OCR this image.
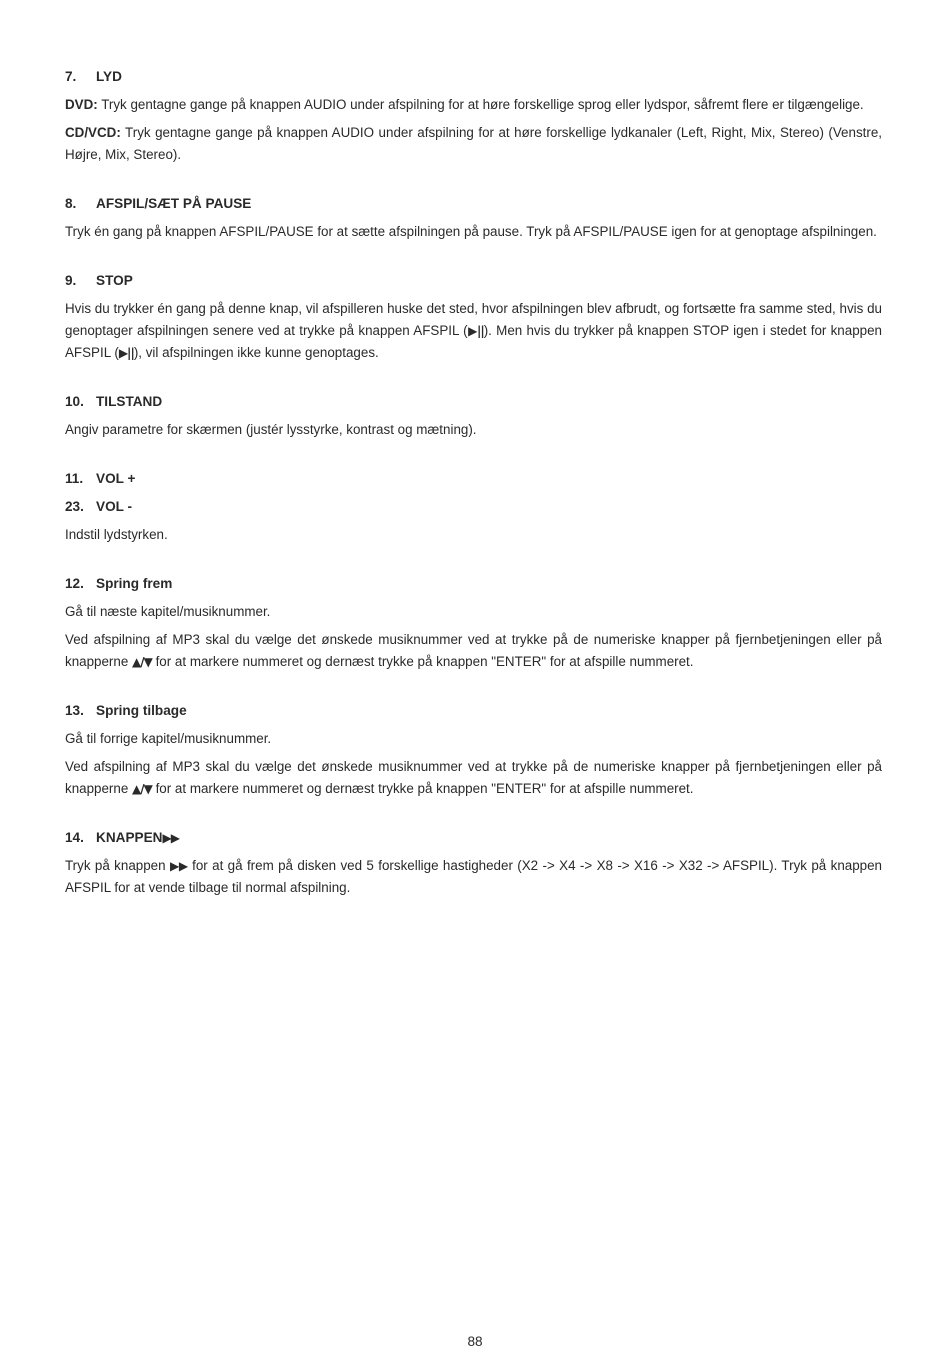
7. LYD

DVD: Tryk gentagne gange på knappen AUDIO under afspilning for at høre forskellige sprog eller lydspor, såfremt flere er tilgængelige.

CD/VCD: Tryk gentagne gange på knappen AUDIO under afspilning for at høre forskellige lydkanaler (Left, Right, Mix, Stereo) (Venstre, Højre, Mix, Stereo).

8. AFSPIL/SÆT PÅ PAUSE

Tryk én gang på knappen AFSPIL/PAUSE for at sætte afspilningen på pause. Tryk på AFSPIL/PAUSE igen for at genoptage afspilningen.

9. STOP

Hvis du trykker én gang på denne knap, vil afspilleren huske det sted, hvor afspilningen blev afbrudt, og fortsætte fra samme sted, hvis du genoptager afspilningen senere ved at trykke på knappen AFSPIL (▶||). Men hvis du trykker på knappen STOP igen i stedet for knappen AFSPIL (▶||), vil afspilningen ikke kunne genoptages.

10. TILSTAND

Angiv parametre for skærmen (justér lysstyrke, kontrast og mætning).

11. VOL +

23. VOL -

Indstil lydstyrken.

12. Spring frem

Gå til næste kapitel/musiknummer.

Ved afspilning af MP3 skal du vælge det ønskede musiknummer ved at trykke på de numeriske knapper på fjernbetjeningen eller på knapperne ▲/▼ for at markere nummeret og dernæst trykke på knappen "ENTER" for at afspille nummeret.

13. Spring tilbage

Gå til forrige kapitel/musiknummer.

Ved afspilning af MP3 skal du vælge det ønskede musiknummer ved at trykke på de numeriske knapper på fjernbetjeningen eller på knapperne ▲/▼ for at markere nummeret og dernæst trykke på knappen "ENTER" for at afspille nummeret.

14. KNAPPEN▶▶

Tryk på knappen ▶▶ for at gå frem på disken ved 5 forskellige hastigheder (X2 -> X4 -> X8 -> X16 -> X32 -> AFSPIL). Tryk på knappen AFSPIL for at vende tilbage til normal afspilning.

88
